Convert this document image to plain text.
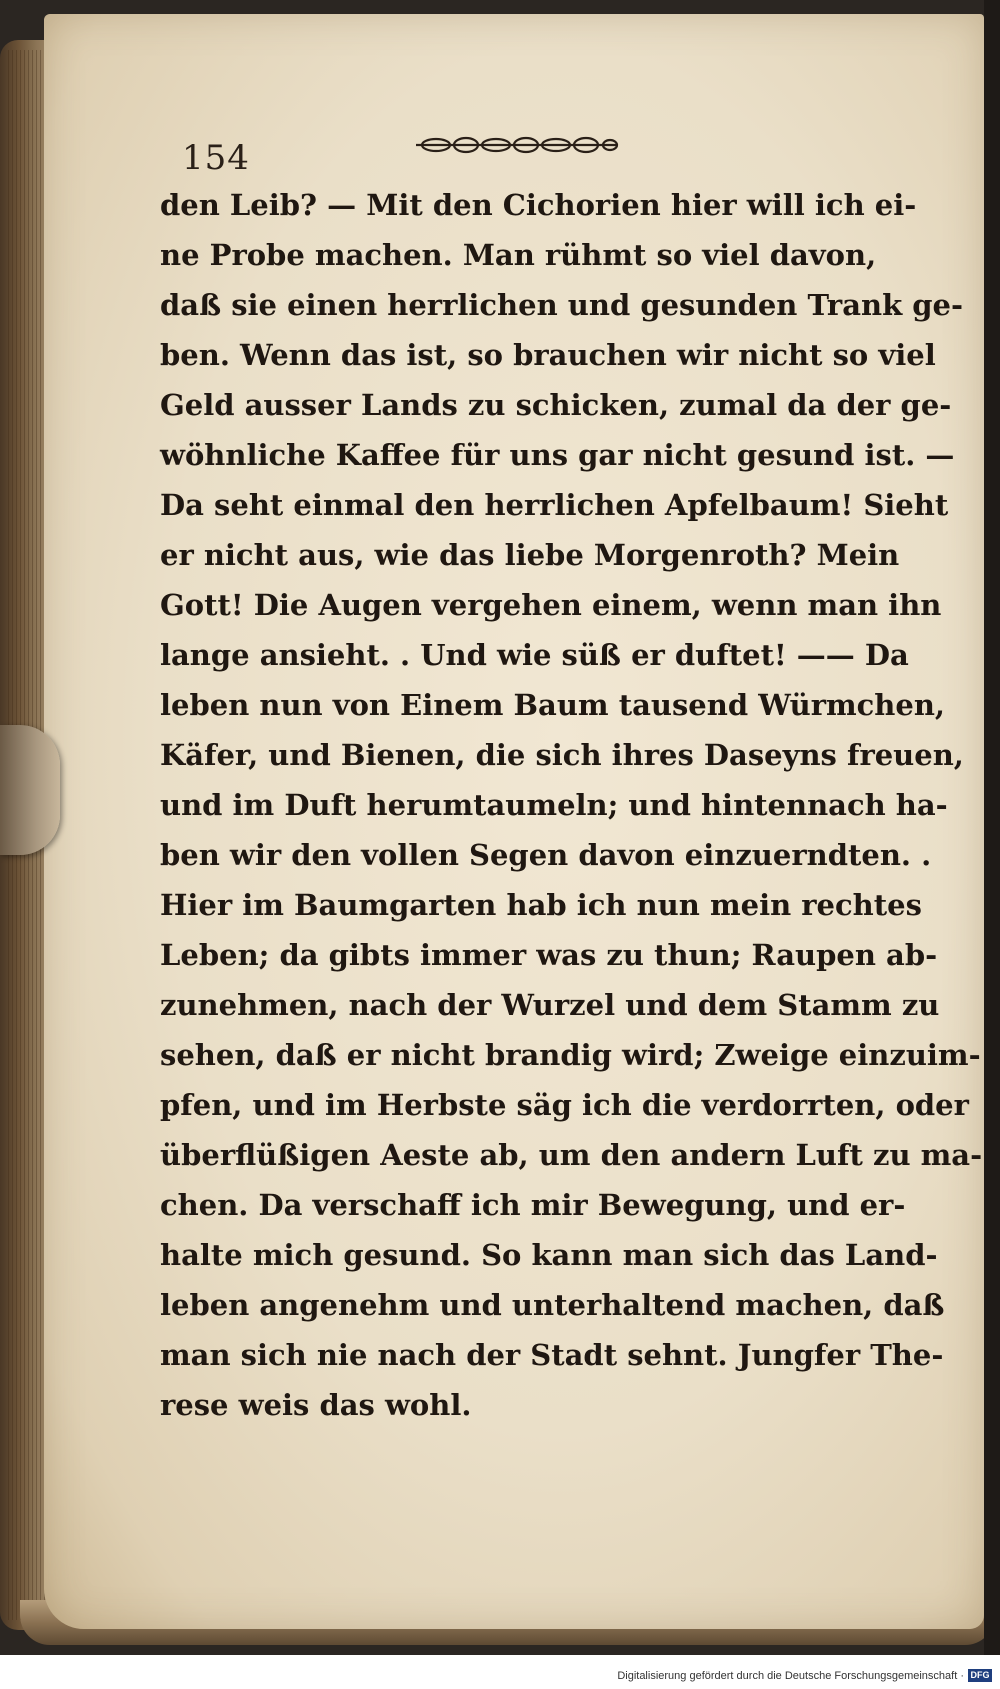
154
den Leib? — Mit den Cichorien hier will ich ei-
ne Probe machen. Man rühmt so viel davon,
daß sie einen herrlichen und gesunden Trank ge-
ben. Wenn das ist, so brauchen wir nicht so viel
Geld ausser Lands zu schicken, zumal da der ge-
wöhnliche Kaffee für uns gar nicht gesund ist. —
Da seht einmal den herrlichen Apfelbaum! Sieht
er nicht aus, wie das liebe Morgenroth? Mein
Gott! Die Augen vergehen einem, wenn man ihn
lange ansieht. . Und wie süß er duftet! —— Da
leben nun von Einem Baum tausend Würmchen,
Käfer, und Bienen, die sich ihres Daseyns freuen,
und im Duft herumtaumeln; und hintennach ha-
ben wir den vollen Segen davon einzuerndten. .
Hier im Baumgarten hab ich nun mein rechtes
Leben; da gibts immer was zu thun; Raupen ab-
zunehmen, nach der Wurzel und dem Stamm zu
sehen, daß er nicht brandig wird; Zweige einzuim-
pfen, und im Herbste säg ich die verdorrten, oder
überflüßigen Aeste ab, um den andern Luft zu ma-
chen. Da verschaff ich mir Bewegung, und er-
halte mich gesund. So kann man sich das Land-
leben angenehm und unterhaltend machen, daß
man sich nie nach der Stadt sehnt. Jungfer The-
rese weis das wohl.
Digitalisierung gefördert durch die Deutsche Forschungsgemeinschaft · DFG
